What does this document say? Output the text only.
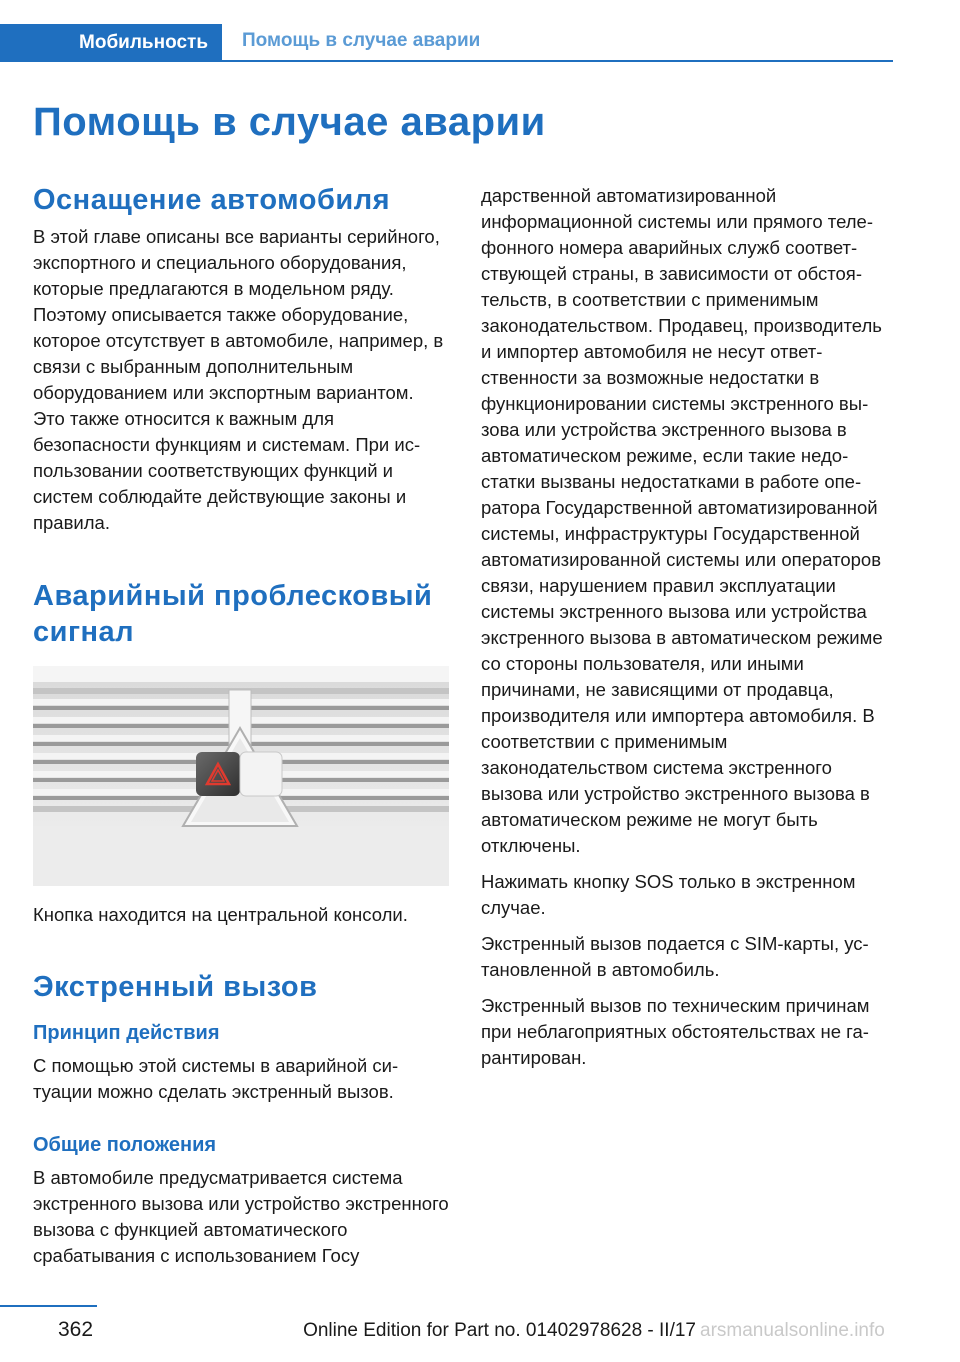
Мобильность Помощь в случае аварии
Помощь в случае аварии
Оснащение автомобиля

В этой главе описаны все варианты серийного, экспортного и специального оборудования, которые предлагаются в модельном ряду. Поэтому описывается также оборудование, которое отсутствует в автомобиле, например, в связи с выбранным дополнительным оборудованием или экспортным вариантом. Это также относится к важным для безопасности функциям и системам. При использовании соответствующих функций и систем соблюдайте действующие законы и правила.

Аварийный проблесковый сигнал

Кнопка находится на центральной консоли.

Экстренный вызов
Принцип действия

С помощью этой системы в аварийной ситуации можно сделать экстренный вызов.

Общие положения

В автомобиле предусматривается система экстренного вызова или устройство экстренного вызова с функцией автоматического срабатывания с использованием Госу

дарственной автоматизированной информационной системы или прямого телефонного номера аварийных служб соответствующей страны, в зависимости от обстоятельств, в соответствии с применимым законодательством. Продавец, производитель и импортер автомобиля не несут ответственности за возможные недостатки в функционировании системы экстренного вызова или устройства экстренного вызова в автоматическом режиме, если такие недостатки вызваны недостатками в работе оператора Государственной автоматизированной системы, инфраструктуры Государственной автоматизированной системы или операторов связи, нарушением правил эксплуатации системы экстренного вызова или устройства экстренного вызова в автоматическом режиме со стороны пользователя, или иными причинами, не зависящими от продавца, производителя или импортера автомобиля. В соответствии с применимым законодательством система экстренного вызова или устройство экстренного вызова в автоматическом режиме не могут быть отключены.

Нажимать кнопку SOS только в экстренном случае.

Экстренный вызов подается с SIM-карты, установленной в автомобиль.

Экстренный вызов по техническим причинам при неблагоприятных обстоятельствах не гарантирован.

362	Online Edition for Part no. 01402978628 - II/17 arsmanualsonline.info
